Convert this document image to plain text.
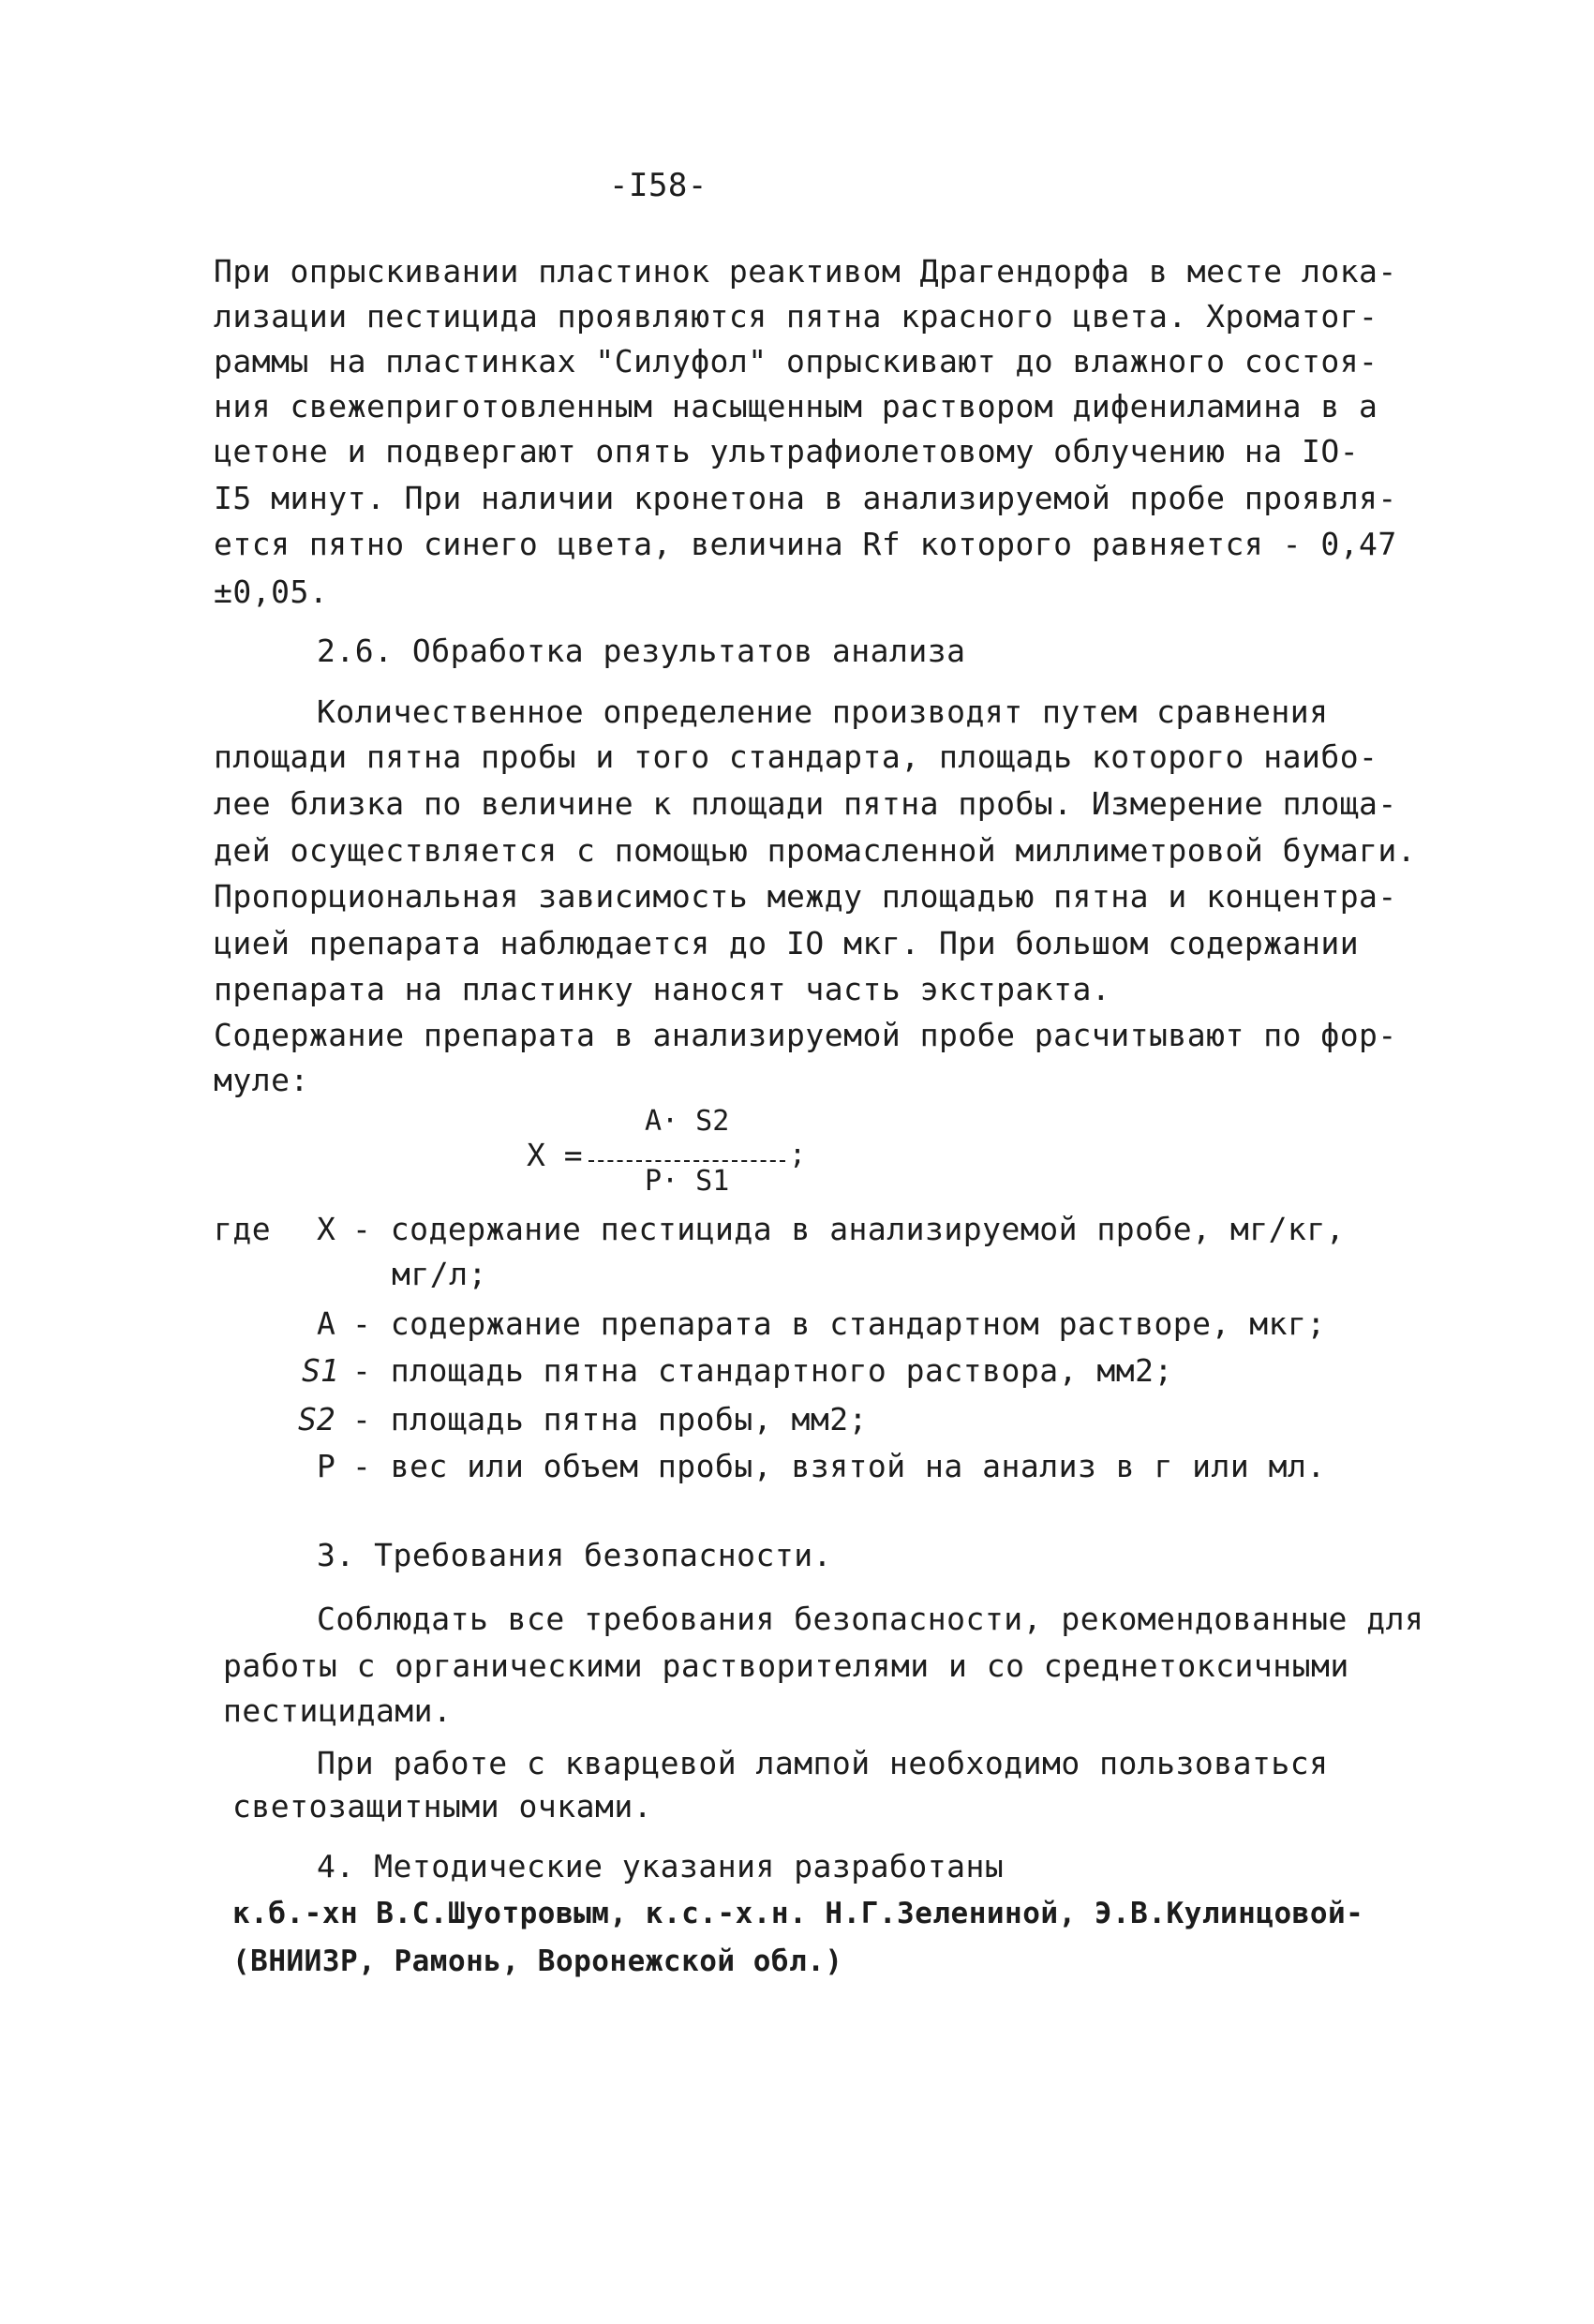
-I58-
При опрыскивании пластинок реактивом Драгендорфа в месте лока-
лизации пестицида проявляются пятна красного цвета. Хроматог-
раммы на пластинках "Силуфол" опрыскивают до влажного состоя-
ния свежеприготовленным насыщенным раствором дифениламина в а
цетоне и подвергают опять ультрафиолетовому облучению на IO-
I5 минут. При наличии кронетона в анализируемой пробе проявля-
ется пятно синего цвета, величина Rf которого равняется - 0,47
±0,05.
2.6. Обработка результатов анализа
Количественное определение производят путем сравнения
площади пятна пробы и того стандарта, площадь которого наибо-
лее близка по величине к площади пятна пробы. Измерение площа-
дей осуществляется с помощью промасленной миллиметровой бумаги.
Пропорциональная зависимость между площадью пятна и концентра-
цией препарата наблюдается до IO мкг. При большом содержании
препарата на пластинку наносят часть экстракта.
Содержание препарата в анализируемой пробе расчитывают по фор-
муле:
X =
A· S2
P· S1
;
где X - содержание пестицида в анализируемой пробе, мг/кг,
мг/л;
A - содержание препарата в стандартном растворе, мкг;
S1 - площадь пятна стандартного раствора, мм2;
S2 - площадь пятна пробы, мм2;
P - вес или объем пробы, взятой на анализ в г или мл.
3. Требования безопасности.
Соблюдать все требования безопасности, рекомендованные для
работы с органическими растворителями и со среднетоксичными
пестицидами.
При работе с кварцевой лампой необходимо пользоваться
светозащитными очками.
4. Методические указания разработаны
к.б.-хн В.С.Шуотровым, к.с.-х.н. Н.Г.Зелениной, Э.В.Кулинцовой-
(ВНИИЗР, Рамонь, Воронежской обл.)
